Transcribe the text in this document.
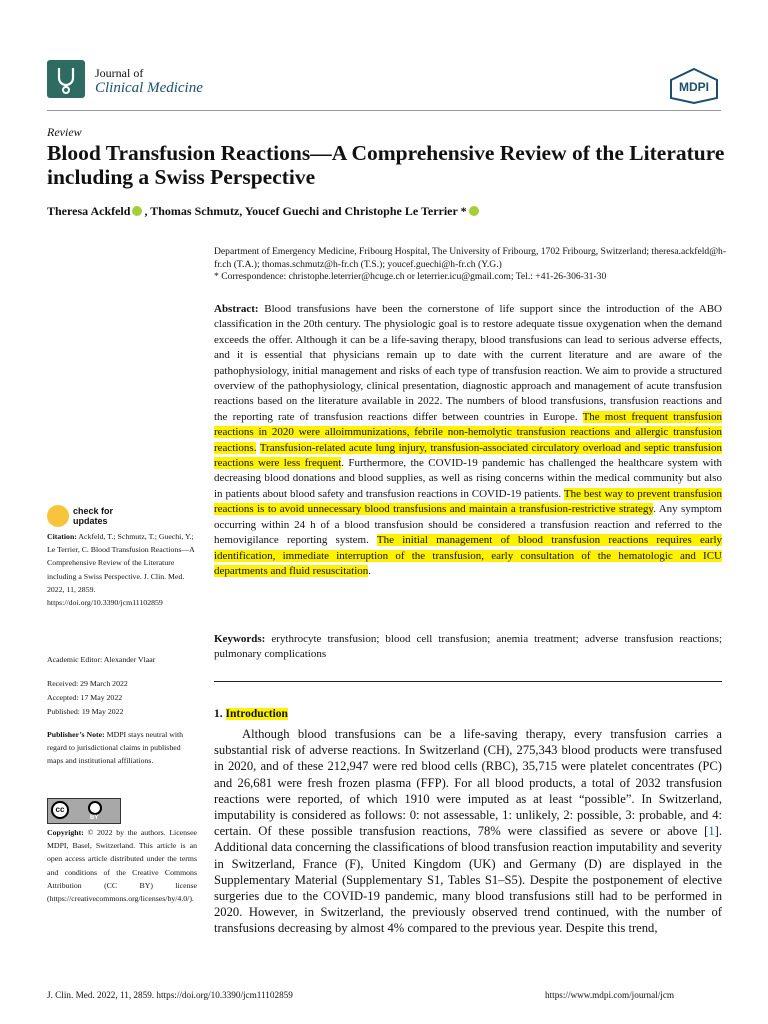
Journal of
Clinical Medicine	MDPI
Review
Blood Transfusion Reactions—A Comprehensive Review of the Literature including a Swiss Perspective
Theresa Ackfeld , Thomas Schmutz, Youcef Guechi and Christophe Le Terrier *
Department of Emergency Medicine, Fribourg Hospital, The University of Fribourg, 1702 Fribourg, Switzerland; theresa.ackfeld@h-fr.ch (T.A.); thomas.schmutz@h-fr.ch (T.S.); youcef.guechi@h-fr.ch (Y.G.)
* Correspondence: christophe.leterrier@hcuge.ch or leterrier.icu@gmail.com; Tel.: +41-26-306-31-30
Abstract: Blood transfusions have been the cornerstone of life support since the introduction of the ABO classification in the 20th century. The physiologic goal is to restore adequate tissue oxygenation when the demand exceeds the offer. Although it can be a life-saving therapy, blood transfusions can lead to serious adverse effects, and it is essential that physicians remain up to date with the current literature and are aware of the pathophysiology, initial management and risks of each type of transfusion reaction. We aim to provide a structured overview of the pathophysiology, clinical presentation, diagnostic approach and management of acute transfusion reactions based on the literature available in 2022. The numbers of blood transfusions, transfusion reactions and the reporting rate of transfusion reactions differ between countries in Europe. The most frequent transfusion reactions in 2020 were alloimmunizations, febrile non-hemolytic transfusion reactions and allergic transfusion reactions. Transfusion-related acute lung injury, transfusion-associated circulatory overload and septic transfusion reactions were less frequent. Furthermore, the COVID-19 pandemic has challenged the healthcare system with decreasing blood donations and blood supplies, as well as rising concerns within the medical community but also in patients about blood safety and transfusion reactions in COVID-19 patients. The best way to prevent transfusion reactions is to avoid unnecessary blood transfusions and maintain a transfusion-restrictive strategy. Any symptom occurring within 24 h of a blood transfusion should be considered a transfusion reaction and referred to the hemovigilance reporting system. The initial management of blood transfusion reactions requires early identification, immediate interruption of the transfusion, early consultation of the hematologic and ICU departments and fluid resuscitation.
Keywords: erythrocyte transfusion; blood cell transfusion; anemia treatment; adverse transfusion reactions; pulmonary complications
1. Introduction
Although blood transfusions can be a life-saving therapy, every transfusion carries a substantial risk of adverse reactions. In Switzerland (CH), 275,343 blood products were transfused in 2020, and of these 212,947 were red blood cells (RBC), 35,715 were platelet concentrates (PC) and 26,681 were fresh frozen plasma (FFP). For all blood products, a total of 2032 transfusion reactions were reported, of which 1910 were imputed as at least “possible”. In Switzerland, imputability is considered as follows: 0: not assessable, 1: unlikely, 2: possible, 3: probable, and 4: certain. Of these possible transfusion reactions, 78% were classified as severe or above [1]. Additional data concerning the classifications of blood transfusion reaction imputability and severity in Switzerland, France (F), United Kingdom (UK) and Germany (D) are displayed in the Supplementary Material (Supplementary S1, Tables S1–S5). Despite the postponement of elective surgeries due to the COVID-19 pandemic, many blood transfusions still had to be performed in 2020. However, in Switzerland, the previously observed trend continued, with the number of transfusions decreasing by almost 4% compared to the previous year. Despite this trend,
check for
updates
Citation: Ackfeld, T.; Schmutz, T.; Guechi, Y.; Le Terrier, C. Blood Transfusion Reactions—A Comprehensive Review of the Literature including a Swiss Perspective. J. Clin. Med. 2022, 11, 2859. https://doi.org/10.3390/jcm11102859
Academic Editor: Alexander Vlaar
Received: 29 March 2022
Accepted: 17 May 2022
Published: 19 May 2022
Publisher’s Note: MDPI stays neutral with regard to jurisdictional claims in published maps and institutional affiliations.
cc
BY
Copyright: © 2022 by the authors. Licensee MDPI, Basel, Switzerland. This article is an open access article distributed under the terms and conditions of the Creative Commons Attribution (CC BY) license (https://creativecommons.org/licenses/by/4.0/).
J. Clin. Med. 2022, 11, 2859. https://doi.org/10.3390/jcm11102859	https://www.mdpi.com/journal/jcm
